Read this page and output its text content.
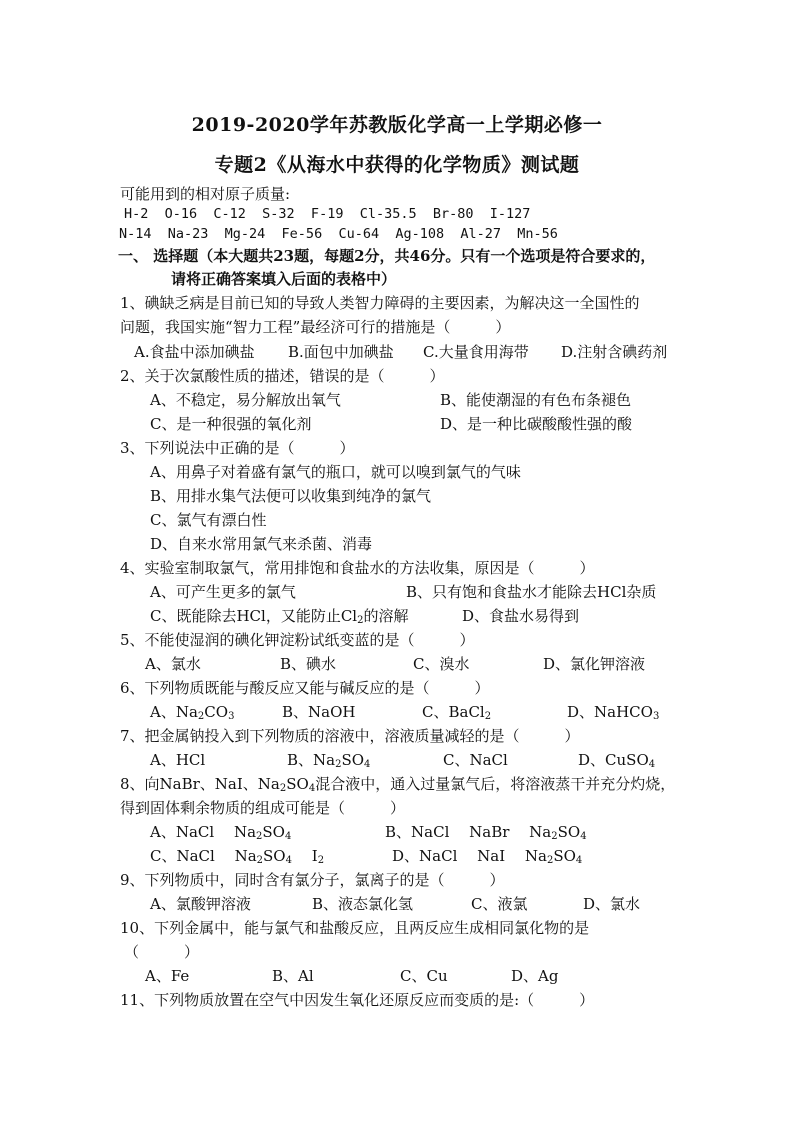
2019-2020学年苏教版化学高一上学期必修一
专题2《从海水中获得的化学物质》测试题
可能用到的相对原子质量:
H-2  O-16  C-12  S-32  F-19  Cl-35.5  Br-80  I-127
N-14  Na-23  Mg-24  Fe-56  Cu-64  Ag-108  Al-27  Mn-56
一、 选择题（本大题共23题，每题2分，共46分。只有一个选项是符合要求的，
请将正确答案填入后面的表格中）
1、碘缺乏病是目前已知的导致人类智力障碍的主要因素，为解决这一全国性的
问题，我国实施“智力工程”最经济可行的措施是（　　　）
A.食盐中添加碘盐 B.面包中加碘盐 C.大量食用海带 D.注射含碘药剂
2、关于次氯酸性质的描述，错误的是（　　　）
A、不稳定，易分解放出氧气	B、能使潮湿的有色布条褪色
C、是一种很强的氧化剂	D、是一种比碳酸酸性强的酸
3、下列说法中正确的是（　　　）
A、用鼻子对着盛有氯气的瓶口，就可以嗅到氯气的气味
B、用排水集气法便可以收集到纯净的氯气
C、氯气有漂白性
D、自来水常用氯气来杀菌、消毒
4、实验室制取氯气，常用排饱和食盐水的方法收集，原因是（　　　）
A、可产生更多的氯气	B、只有饱和食盐水才能除去HCl杂质
C、既能除去HCl，又能防止$Cl_2$的溶解	D、食盐水易得到
5、不能使湿润的碘化钾淀粉试纸变蓝的是（　　　）
A、氯水	B、碘水	C、溴水	D、氯化钾溶液
6、下列物质既能与酸反应又能与碱反应的是（　　　）
A、$Na_2CO_3$	B、NaOH	C、BaCl$_2$	D、NaHCO$_3$
7、把金属钠投入到下列物质的溶液中，溶液质量减轻的是（　　　）
A、HCl	B、$Na_2SO_4$	C、NaCl	D、CuSO$_4$
8、向NaBr、NaI、$Na_2SO_4$混合液中，通入过量氯气后，将溶液蒸干并充分灼烧，
得到固体剩余物质的组成可能是（　　　）
A、NaCl　 $Na_2SO_4$	B、NaCl　 NaBr　 $Na_2SO_4$
C、NaCl　 $Na_2SO_4$　 $I_2$	D、NaCl　 NaI　 $Na_2SO_4$
9、下列物质中，同时含有氯分子，氯离子的是（　　　）
A、氯酸钾溶液	B、液态氯化氢	C、液氯	D、氯水
10、下列金属中，能与氯气和盐酸反应，且两反应生成相同氯化物的是
（　　　）
A、Fe	B、Al	C、Cu	D、Ag
11、下列物质放置在空气中因发生氧化还原反应而变质的是:（　　　）
